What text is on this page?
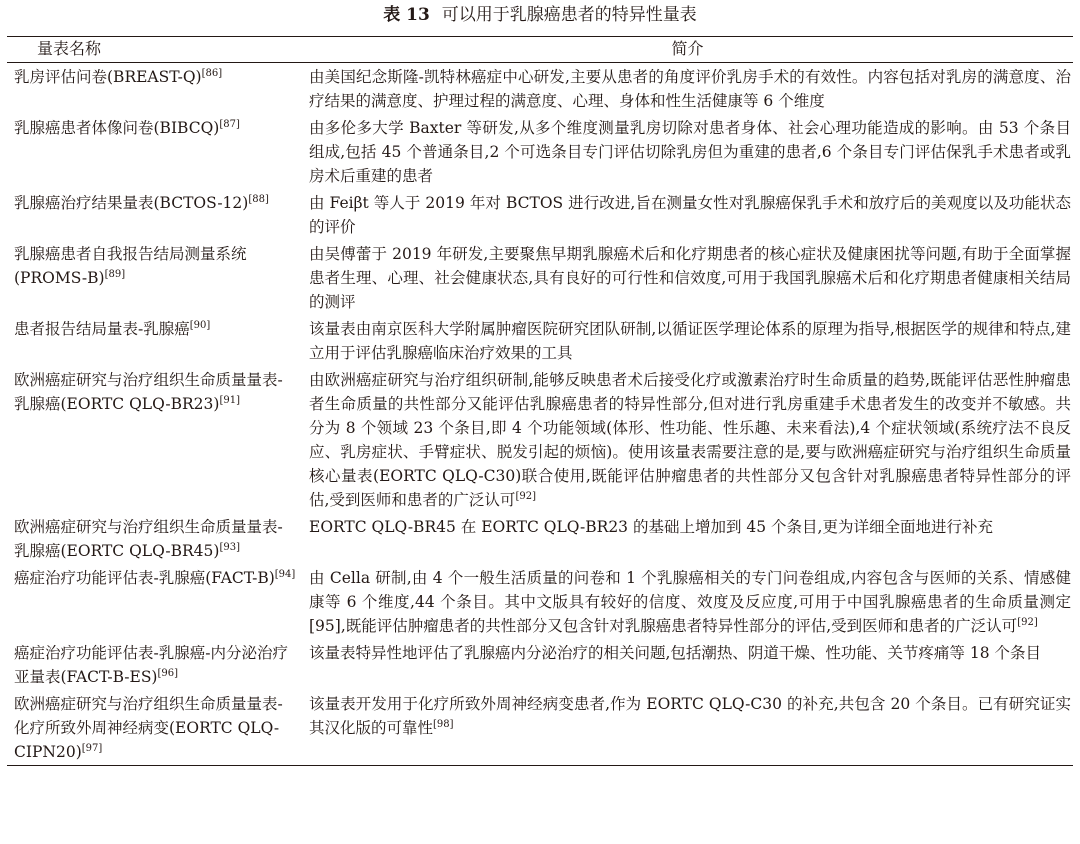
表 13 可以用于乳腺癌患者的特异性量表
量表名称	简介
乳房评估问卷(BREAST-Q)[86]	由美国纪念斯隆-凯特林癌症中心研发,主要从患者的角度评价乳房手术的有效性。内容包括对乳房的满意度、治疗结果的满意度、护理过程的满意度、心理、身体和性生活健康等 6 个维度
乳腺癌患者体像问卷(BIBCQ)[87]	由多伦多大学 Baxter 等研发,从多个维度测量乳房切除对患者身体、社会心理功能造成的影响。由 53 个条目组成,包括 45 个普通条目,2 个可选条目专门评估切除乳房但为重建的患者,6 个条目专门评估保乳手术患者或乳房术后重建的患者
乳腺癌治疗结果量表(BCTOS-12)[88]	由 Feiβt 等人于 2019 年对 BCTOS 进行改进,旨在测量女性对乳腺癌保乳手术和放疗后的美观度以及功能状态的评价
乳腺癌患者自我报告结局测量系统(PROMS-B)[89]	由吴傅蕾于 2019 年研发,主要聚焦早期乳腺癌术后和化疗期患者的核心症状及健康困扰等问题,有助于全面掌握患者生理、心理、社会健康状态,具有良好的可行性和信效度,可用于我国乳腺癌术后和化疗期患者健康相关结局的测评
患者报告结局量表-乳腺癌[90]	该量表由南京医科大学附属肿瘤医院研究团队研制,以循证医学理论体系的原理为指导,根据医学的规律和特点,建立用于评估乳腺癌临床治疗效果的工具
欧洲癌症研究与治疗组织生命质量量表-乳腺癌(EORTC QLQ-BR23)[91]	由欧洲癌症研究与治疗组织研制,能够反映患者术后接受化疗或激素治疗时生命质量的趋势,既能评估恶性肿瘤患者生命质量的共性部分又能评估乳腺癌患者的特异性部分,但对进行乳房重建手术患者发生的改变并不敏感。共分为 8 个领域 23 个条目,即 4 个功能领域(体形、性功能、性乐趣、未来看法),4 个症状领域(系统疗法不良反应、乳房症状、手臂症状、脱发引起的烦恼)。使用该量表需要注意的是,要与欧洲癌症研究与治疗组织生命质量核心量表(EORTC QLQ-C30)联合使用,既能评估肿瘤患者的共性部分又包含针对乳腺癌患者特异性部分的评估,受到医师和患者的广泛认可[92]
欧洲癌症研究与治疗组织生命质量量表-乳腺癌(EORTC QLQ-BR45)[93]	EORTC QLQ-BR45 在 EORTC QLQ-BR23 的基础上增加到 45 个条目,更为详细全面地进行补充
癌症治疗功能评估表-乳腺癌(FACT-B)[94]	由 Cella 研制,由 4 个一般生活质量的问卷和 1 个乳腺癌相关的专门问卷组成,内容包含与医师的关系、情感健康等 6 个维度,44 个条目。其中文版具有较好的信度、效度及反应度,可用于中国乳腺癌患者的生命质量测定[95],既能评估肿瘤患者的共性部分又包含针对乳腺癌患者特异性部分的评估,受到医师和患者的广泛认可[92]
癌症治疗功能评估表-乳腺癌-内分泌治疗亚量表(FACT-B-ES)[96]	该量表特异性地评估了乳腺癌内分泌治疗的相关问题,包括潮热、阴道干燥、性功能、关节疼痛等 18 个条目
欧洲癌症研究与治疗组织生命质量量表-化疗所致外周神经病变(EORTC QLQ-CIPN20)[97]	该量表开发用于化疗所致外周神经病变患者,作为 EORTC QLQ-C30 的补充,共包含 20 个条目。已有研究证实其汉化版的可靠性[98]
